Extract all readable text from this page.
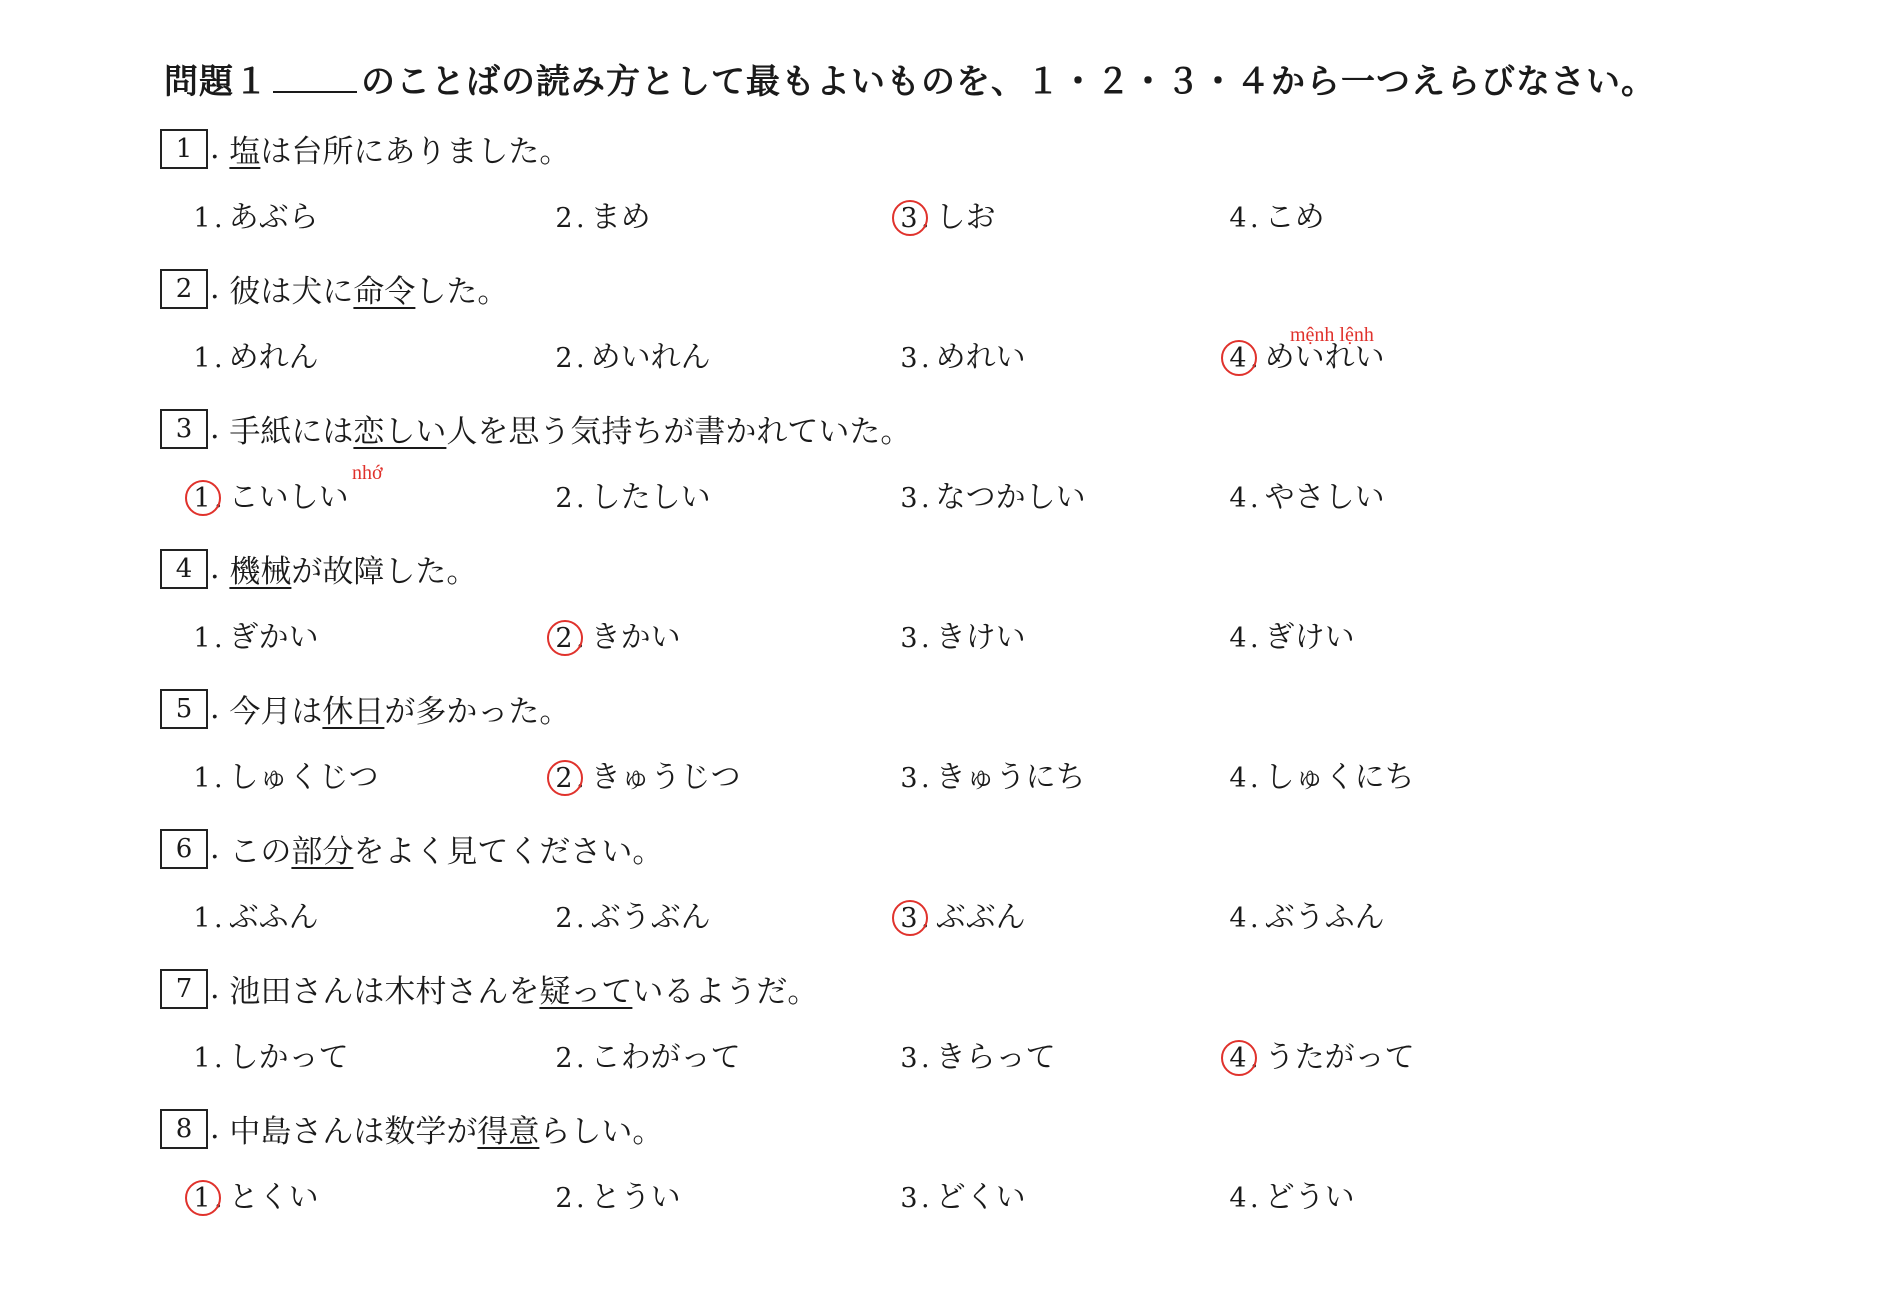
問題１	のことばの読み方として最もよいものを、１・２・３・４から一つえらびなさい。
1 . 塩は台所にありました。
1 . あぶら	2 . まめ	3 . しお	4 . こめ
2 . 彼は犬に命令した。
1 . めれん	2 . めいれん	3 . めれい	4 . めいれい
mệnh lệnh
3 . 手紙には恋しい人を思う気持ちが書かれていた。
1 . こいしい	2 . したしい	3 . なつかしい	4 . やさしい
nhớ
4 . 機械が故障した。
1 . ぎかい	2 . きかい	3 . きけい	4 . ぎけい
5 . 今月は休日が多かった。
1 . しゅくじつ	2 . きゅうじつ	3 . きゅうにち	4 . しゅくにち
6 . この部分をよく見てください。
1 . ぶふん	2 . ぶうぶん	3 . ぶぶん	4 . ぶうふん
7 . 池田さんは木村さんを疑っているようだ。
1 . しかって	2 . こわがって	3 . きらって	4 . うたがって
8 . 中島さんは数学が得意らしい。
1 . とくい	2 . とうい	3 . どくい	4 . どうい
